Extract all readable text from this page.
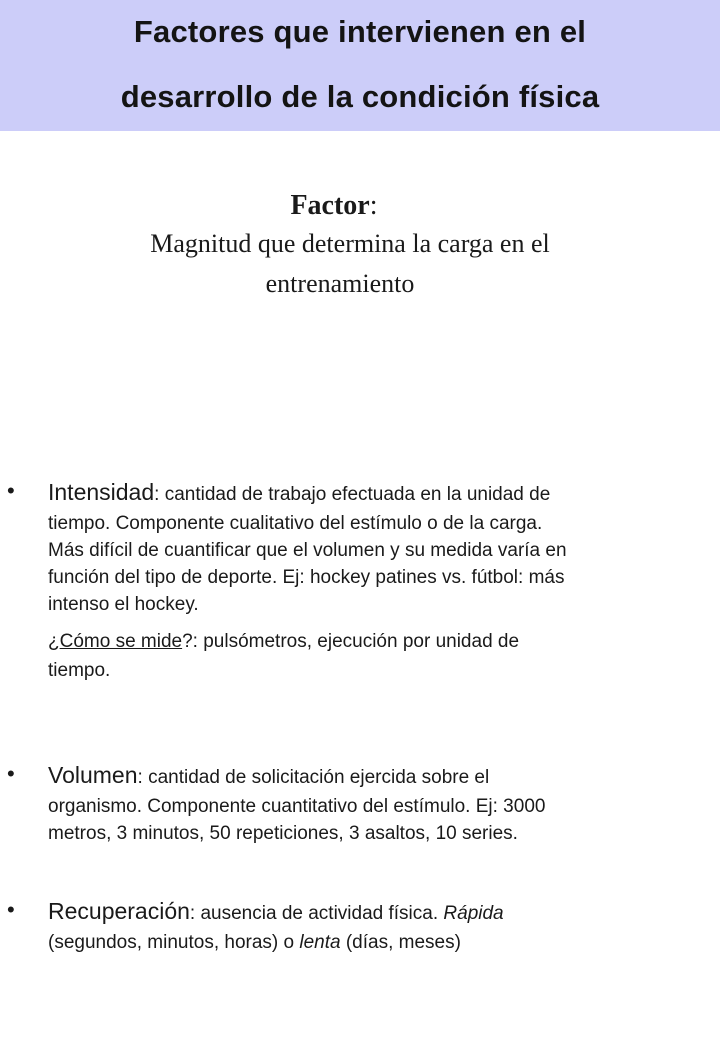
Factores que intervienen en el
desarrollo de la condición física
Factor:
Magnitud que determina la carga en el
entrenamiento
• Intensidad: cantidad de trabajo efectuada en la unidad de
tiempo. Componente cualitativo del estímulo o de la carga.
Más difícil de cuantificar que el volumen y su medida varía en
función del tipo de deporte. Ej: hockey patines vs. fútbol: más
intenso el hockey.
¿Cómo se mide?: pulsómetros, ejecución por unidad de
tiempo.
• Volumen: cantidad de solicitación ejercida sobre el
organismo. Componente cuantitativo del estímulo. Ej: 3000
metros, 3 minutos, 50 repeticiones, 3 asaltos, 10 series.
• Recuperación: ausencia de actividad física. Rápida
(segundos, minutos, horas) o lenta (días, meses)
